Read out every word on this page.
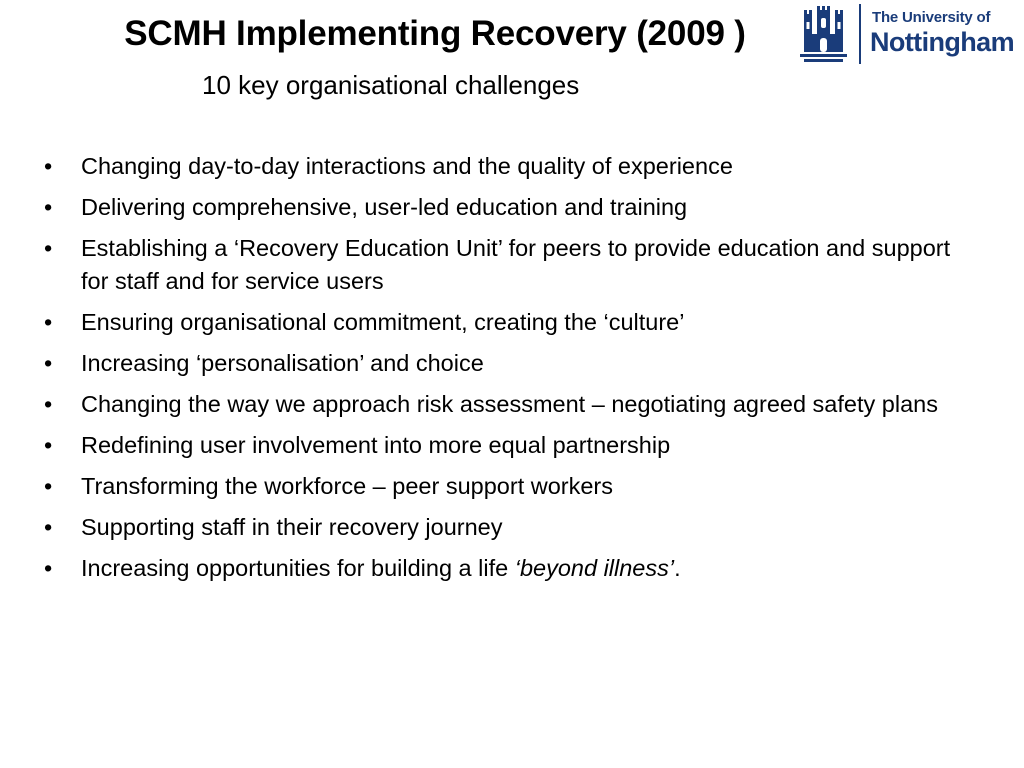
SCMH Implementing Recovery (2009 )
10 key organisational challenges
The University of
Nottingham
•	Changing day-to-day interactions and the quality of experience
•	Delivering comprehensive, user-led education and training
•	Establishing a ‘Recovery Education Unit’ for peers to provide education and support for staff and for service users
•	Ensuring organisational commitment, creating the ‘culture’
•	Increasing ‘personalisation’ and choice
•	Changing the way we approach risk assessment – negotiating agreed safety plans
•	Redefining user involvement into more equal partnership
•	Transforming the workforce – peer support workers
•	Supporting staff in their recovery journey
•	Increasing opportunities for building a life ‘beyond illness’.
